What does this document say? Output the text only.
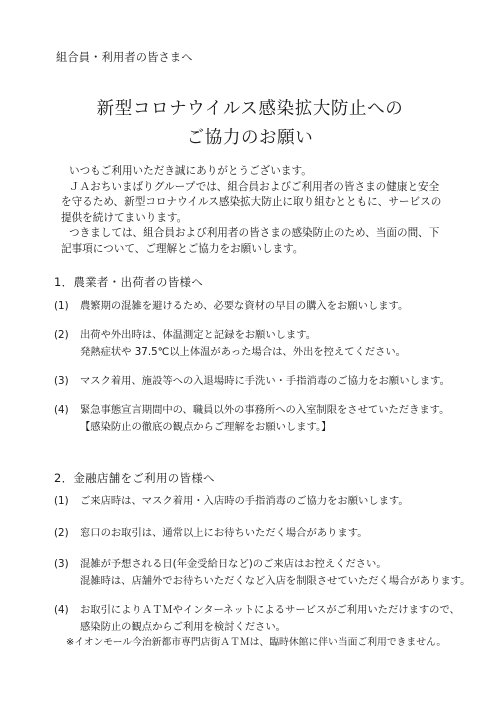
組合員・利用者の皆さまへ
新型コロナウイルス感染拡大防止への
ご協力のお願い

いつもご利用いただき誠にありがとうございます。

ＪＡおちいまばりグループでは、組合員およびご利用者の皆さまの健康と安全

を守るため、新型コロナウイルス感染拡大防止に取り組むとともに、サービスの

提供を続けてまいります。

つきましては、組合員および利用者の皆さまの感染防止のため、当面の間、下

記事項について、ご理解とご協力をお願いします。

1．農業者・出荷者の皆様へ
(1) 農繁期の混雑を避けるため、必要な資材の早目の購入をお願いします。
(2) 出荷や外出時は、体温測定と記録をお願いします。
発熱症状や 37.5℃以上体温があった場合は、外出を控えてください。
(3) マスク着用、施設等への入退場時に手洗い・手指消毒のご協力をお願いします。
(4) 緊急事態宣言期間中の、職員以外の事務所への入室制限をさせていただきます。
【感染防止の徹底の観点からご理解をお願いします。】
2．金融店舗をご利用の皆様へ
(1) ご来店時は、マスク着用・入店時の手指消毒のご協力をお願いします。
(2) 窓口のお取引は、通常以上にお待ちいただく場合があります。
(3) 混雑が予想される日(年金受給日など)のご来店はお控えください。
混雑時は、店舗外でお待ちいただくなど入店を制限させていただく場合があります。
(4) お取引によりＡＴＭやインターネットによるサービスがご利用いただけますので、
感染防止の観点からご利用を検討ください。
※イオンモール今治新都市専門店街ＡＴＭは、臨時休館に伴い当面ご利用できません。
